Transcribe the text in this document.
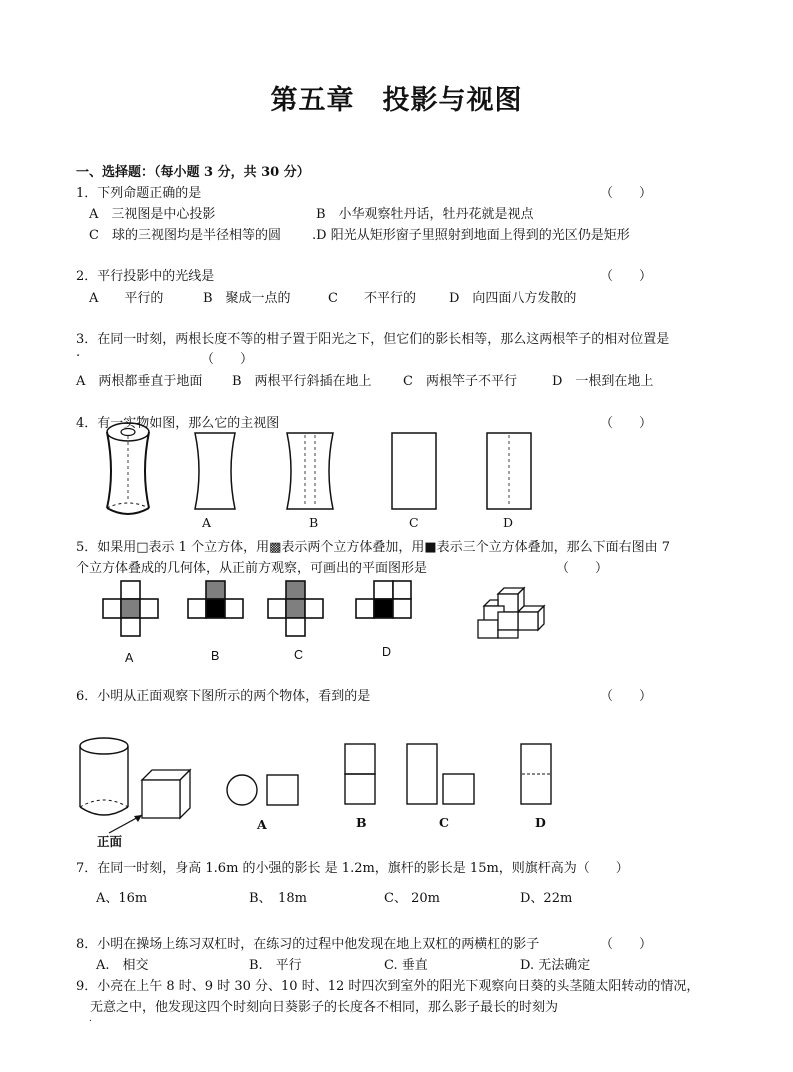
第五章　投影与视图
一、选择题：（每小题 3 分，共 30 分）
1．下列命题正确的是	（　　）
A　三视图是中心投影	B　小华观察牡丹话，牡丹花就是视点
C　球的三视图均是半径相等的圆 .D 阳光从矩形窗子里照射到地面上得到的光区仍是矩形
2．平行投影中的光线是	（　　）
A　　平行的	B　聚成一点的	C　　不平行的	D　向四面八方发散的
3．在同一时刻，两根长度不等的柑子置于阳光之下，但它们的影长相等，那么这两根竿子的相对位置是
.	（　　）
A　两根都垂直于地面 B　两根平行斜插在地上 C　两根竿子不平行	D　一根到在地上
4．有一实物如图，那么它的主视图	（　　）
A	B	C	D
5．如果用□表示 1 个立方体，用▩表示两个立方体叠加，用■表示三个立方体叠加，那么下面右图由 7
个立方体叠成的几何体，从正前方观察，可画出的平面图形是	（　　）
A	B	C	D
6．小明从正面观察下图所示的两个物体，看到的是	（　　）
正面
A	B	C	D
7．在同一时刻，身高 1.6m 的小强的影长 是 1.2m，旗杆的影长是 15m，则旗杆高为（　　）
A、16m	B、　18m	C、 20m	D、22m
8．小明在操场上练习双杠时，在练习的过程中他发现在地上双杠的两横杠的影子	（　　）
A.　相交	B.　平行	C. 垂直	D. 无法确定
9．小亮在上午 8 时、9 时 30 分、10 时、12 时四次到室外的阳光下观察向日葵的头茎随太阳转动的情况，
无意之中，他发现这四个时刻向日葵影子的长度各不相同，那么影子最长的时刻为
.
